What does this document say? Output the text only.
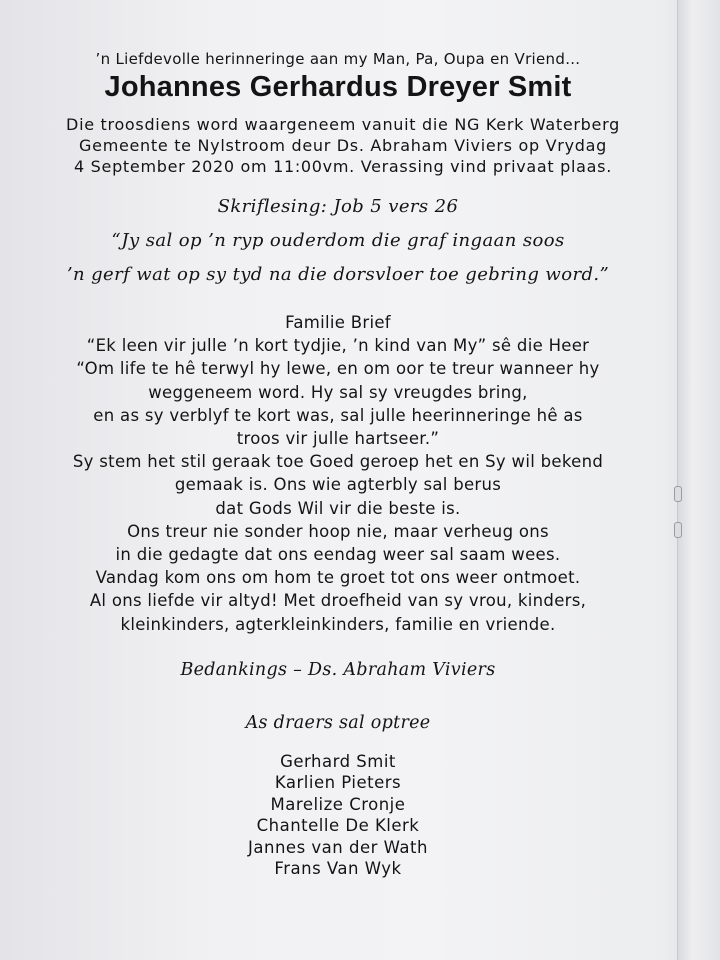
’n Liefdevolle herinneringe aan my Man, Pa, Oupa en Vriend…
Johannes Gerhardus Dreyer Smit
Die troosdiens word waargeneem vanuit die NG Kerk Waterberg
Gemeente te Nylstroom deur Ds. Abraham Viviers op Vrydag
4 September 2020 om 11:00vm. Verassing vind privaat plaas.
Skriflesing: Job 5 vers 26
“Jy sal op ’n ryp ouderdom die graf ingaan soos
’n gerf wat op sy tyd na die dorsvloer toe gebring word.”
Familie Brief
“Ek leen vir julle ’n kort tydjie, ’n kind van My” sê die Heer
“Om life te hê terwyl hy lewe, en om oor te treur wanneer hy
weggeneem word. Hy sal sy vreugdes bring,
en as sy verblyf te kort was, sal julle heerinneringe hê as
troos vir julle hartseer.”
Sy stem het stil geraak toe Goed geroep het en Sy wil bekend
gemaak is. Ons wie agterbly sal berus
dat Gods Wil vir die beste is.
Ons treur nie sonder hoop nie, maar verheug ons
in die gedagte dat ons eendag weer sal saam wees.
Vandag kom ons om hom te groet tot ons weer ontmoet.
Al ons liefde vir altyd! Met droefheid van sy vrou, kinders,
kleinkinders, agterkleinkinders, familie en vriende.
Bedankings – Ds. Abraham Viviers
As draers sal optree
Gerhard Smit
Karlien Pieters
Marelize Cronje
Chantelle De Klerk
Jannes van der Wath
Frans Van Wyk
